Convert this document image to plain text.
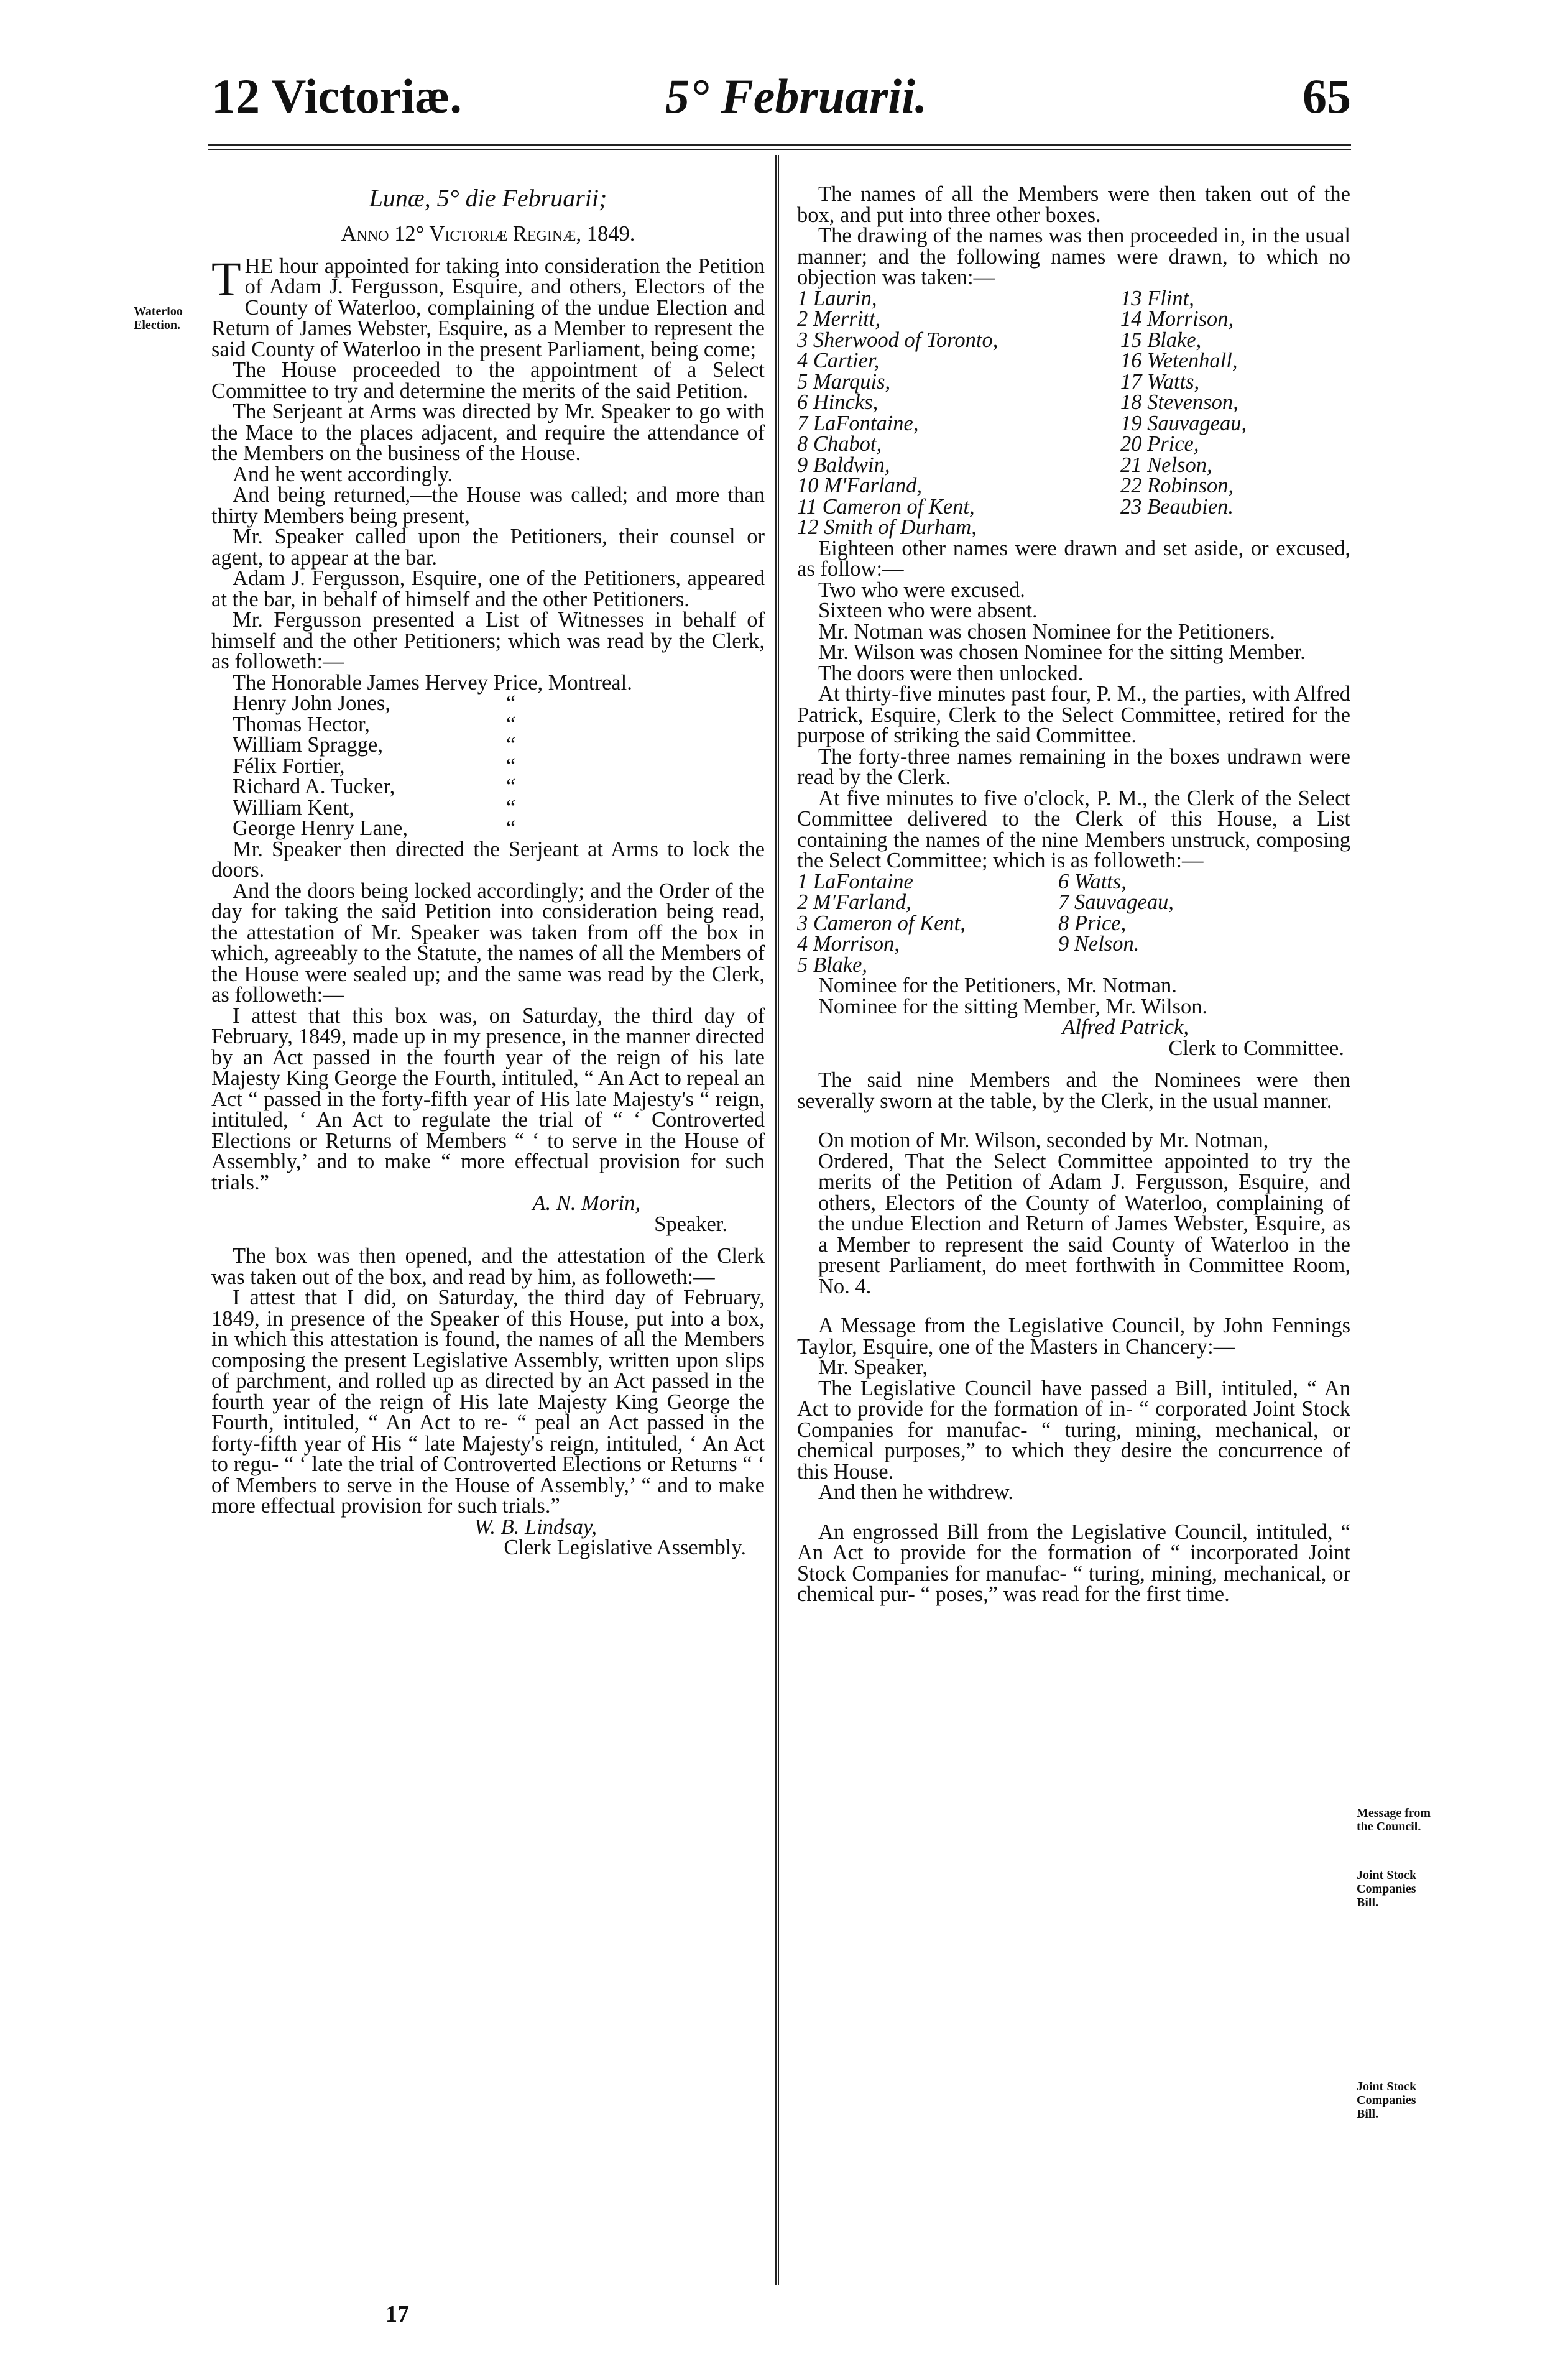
12 Victoriæ.	5° Februarii.	65
Waterloo
Election.
Message from
the Council.
Joint Stock
Companies
Bill.
Joint Stock
Companies
Bill.

Lunæ, 5° die Februarii;

Anno 12° Victoriæ Reginæ, 1849.

THE hour appointed for taking into consideration the Petition of Adam J. Fergusson, Esquire, and others, Electors of the County of Waterloo, complaining of the undue Election and Return of James Webster, Esquire, as a Member to represent the said County of Waterloo in the present Parliament, being come;

The House proceeded to the appointment of a Select Committee to try and determine the merits of the said Petition.

The Serjeant at Arms was directed by Mr. Speaker to go with the Mace to the places adjacent, and require the attendance of the Members on the business of the House.

And he went accordingly.

And being returned,—the House was called; and more than thirty Members being present,

Mr. Speaker called upon the Petitioners, their counsel or agent, to appear at the bar.

Adam J. Fergusson, Esquire, one of the Petitioners, appeared at the bar, in behalf of himself and the other Petitioners.

Mr. Fergusson presented a List of Witnesses in behalf of himself and the other Petitioners; which was read by the Clerk, as followeth:—

The Honorable James Hervey Price, Montreal.
Henry John Jones,	“
Thomas Hector,	“
William Spragge,	“
Félix Fortier,	“
Richard A. Tucker,	“
William Kent,	“
George Henry Lane,	“

Mr. Speaker then directed the Serjeant at Arms to lock the doors.

And the doors being locked accordingly; and the Order of the day for taking the said Petition into consideration being read, the attestation of Mr. Speaker was taken from off the box in which, agreeably to the Statute, the names of all the Members of the House were sealed up; and the same was read by the Clerk, as followeth:—

I attest that this box was, on Saturday, the third day of February, 1849, made up in my presence, in the manner directed by an Act passed in the fourth year of the reign of his late Majesty King George the Fourth, intituled, “ An Act to repeal an Act “ passed in the forty-fifth year of His late Majesty's “ reign, intituled, ‘ An Act to regulate the trial of “ ‘ Controverted Elections or Returns of Members “ ‘ to serve in the House of Assembly,’ and to make “ more effectual provision for such trials.”

A. N. Morin,

Speaker.

The box was then opened, and the attestation of the Clerk was taken out of the box, and read by him, as followeth:—

I attest that I did, on Saturday, the third day of February, 1849, in presence of the Speaker of this House, put into a box, in which this attestation is found, the names of all the Members composing the present Legislative Assembly, written upon slips of parchment, and rolled up as directed by an Act passed in the fourth year of the reign of His late Majesty King George the Fourth, intituled, “ An Act to re- “ peal an Act passed in the forty-fifth year of His “ late Majesty's reign, intituled, ‘ An Act to regu- “ ‘ late the trial of Controverted Elections or Returns “ ‘ of Members to serve in the House of Assembly,’ “ and to make more effectual provision for such trials.”

W. B. Lindsay,

Clerk Legislative Assembly.

The names of all the Members were then taken out of the box, and put into three other boxes.

The drawing of the names was then proceeded in, in the usual manner; and the following names were drawn, to which no objection was taken:—

1 Laurin,	13 Flint,
2 Merritt,	14 Morrison,
3 Sherwood of Toronto,	15 Blake,
4 Cartier,	16 Wetenhall,
5 Marquis,	17 Watts,
6 Hincks,	18 Stevenson,
7 LaFontaine,	19 Sauvageau,
8 Chabot,	20 Price,
9 Baldwin,	21 Nelson,
10 M'Farland,	22 Robinson,
11 Cameron of Kent,	23 Beaubien.
12 Smith of Durham,

Eighteen other names were drawn and set aside, or excused, as follow:—

Two who were excused.

Sixteen who were absent.

Mr. Notman was chosen Nominee for the Petitioners.

Mr. Wilson was chosen Nominee for the sitting Member.

The doors were then unlocked.

At thirty-five minutes past four, P. M., the parties, with Alfred Patrick, Esquire, Clerk to the Select Committee, retired for the purpose of striking the said Committee.

The forty-three names remaining in the boxes undrawn were read by the Clerk.

At five minutes to five o'clock, P. M., the Clerk of the Select Committee delivered to the Clerk of this House, a List containing the names of the nine Members unstruck, composing the Select Committee; which is as followeth:—

1 LaFontaine	6 Watts,
2 M'Farland,	7 Sauvageau,
3 Cameron of Kent,	8 Price,
4 Morrison,	9 Nelson.
5 Blake,

Nominee for the Petitioners, Mr. Notman.

Nominee for the sitting Member, Mr. Wilson.

Alfred Patrick,

Clerk to Committee.

The said nine Members and the Nominees were then severally sworn at the table, by the Clerk, in the usual manner.

On motion of Mr. Wilson, seconded by Mr. Notman,

Ordered, That the Select Committee appointed to try the merits of the Petition of Adam J. Fergusson, Esquire, and others, Electors of the County of Waterloo, complaining of the undue Election and Return of James Webster, Esquire, as a Member to represent the said County of Waterloo in the present Parliament, do meet forthwith in Committee Room, No. 4.

A Message from the Legislative Council, by John Fennings Taylor, Esquire, one of the Masters in Chancery:—

Mr. Speaker,

The Legislative Council have passed a Bill, intituled, “ An Act to provide for the formation of in- “ corporated Joint Stock Companies for manufac- “ turing, mining, mechanical, or chemical purposes,” to which they desire the concurrence of this House.

And then he withdrew.

An engrossed Bill from the Legislative Council, intituled, “ An Act to provide for the formation of “ incorporated Joint Stock Companies for manufac- “ turing, mining, mechanical, or chemical pur- “ poses,” was read for the first time.

17
